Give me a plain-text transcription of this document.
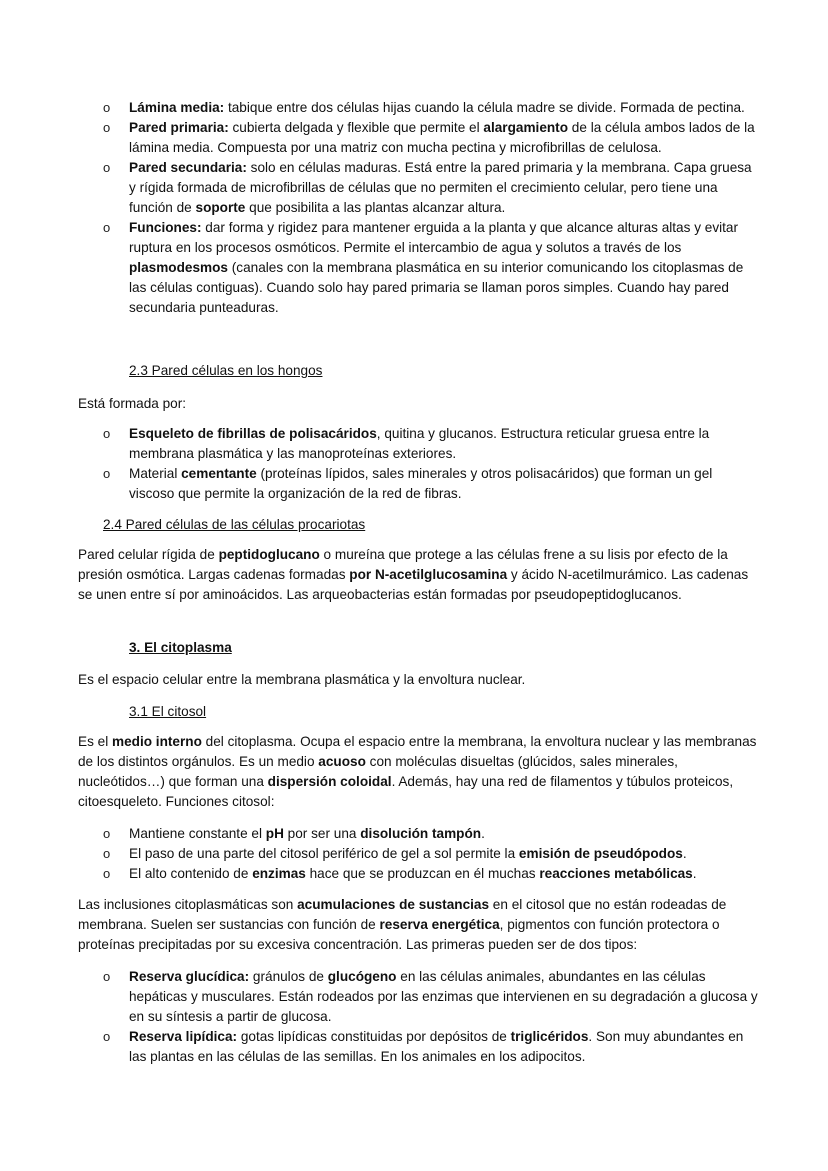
o Lámina media: tabique entre dos células hijas cuando la célula madre se divide. Formada de pectina.
o Pared primaria: cubierta delgada y flexible que permite el alargamiento de la célula ambos lados de la lámina media. Compuesta por una matriz con mucha pectina y microfibrillas de celulosa.
o Pared secundaria: solo en células maduras. Está entre la pared primaria y la membrana. Capa gruesa y rígida formada de microfibrillas de células que no permiten el crecimiento celular, pero tiene una función de soporte que posibilita a las plantas alcanzar altura.
o Funciones: dar forma y rigidez para mantener erguida a la planta y que alcance alturas altas y evitar ruptura en los procesos osmóticos. Permite el intercambio de agua y solutos a través de los plasmodesmos (canales con la membrana plasmática en su interior comunicando los citoplasmas de las células contiguas). Cuando solo hay pared primaria se llaman poros simples. Cuando hay pared secundaria punteaduras.

2.3 Pared células en los hongos

Está formada por:

o Esqueleto de fibrillas de polisacáridos, quitina y glucanos. Estructura reticular gruesa entre la membrana plasmática y las manoproteínas exteriores.
o Material cementante (proteínas lípidos, sales minerales y otros polisacáridos) que forman un gel viscoso que permite la organización de la red de fibras.

2.4 Pared células de las células procariotas

Pared celular rígida de peptidoglucano o mureína que protege a las células frene a su lisis por efecto de la presión osmótica. Largas cadenas formadas por N-acetilglucosamina y ácido N-acetilmurámico. Las cadenas se unen entre sí por aminoácidos. Las arqueobacterias están formadas por pseudopeptidoglucanos.

3. El citoplasma

Es el espacio celular entre la membrana plasmática y la envoltura nuclear.

3.1 El citosol

Es el medio interno del citoplasma. Ocupa el espacio entre la membrana, la envoltura nuclear y las membranas de los distintos orgánulos. Es un medio acuoso con moléculas disueltas (glúcidos, sales minerales, nucleótidos…) que forman una dispersión coloidal. Además, hay una red de filamentos y túbulos proteicos, citoesqueleto. Funciones citosol:

o Mantiene constante el pH por ser una disolución tampón.
o El paso de una parte del citosol periférico de gel a sol permite la emisión de pseudópodos.
o El alto contenido de enzimas hace que se produzcan en él muchas reacciones metabólicas.

Las inclusiones citoplasmáticas son acumulaciones de sustancias en el citosol que no están rodeadas de membrana. Suelen ser sustancias con función de reserva energética, pigmentos con función protectora o proteínas precipitadas por su excesiva concentración. Las primeras pueden ser de dos tipos:

o Reserva glucídica: gránulos de glucógeno en las células animales, abundantes en las células hepáticas y musculares. Están rodeados por las enzimas que intervienen en su degradación a glucosa y en su síntesis a partir de glucosa.
o Reserva lipídica: gotas lipídicas constituidas por depósitos de triglicéridos. Son muy abundantes en las plantas en las células de las semillas. En los animales en los adipocitos.
